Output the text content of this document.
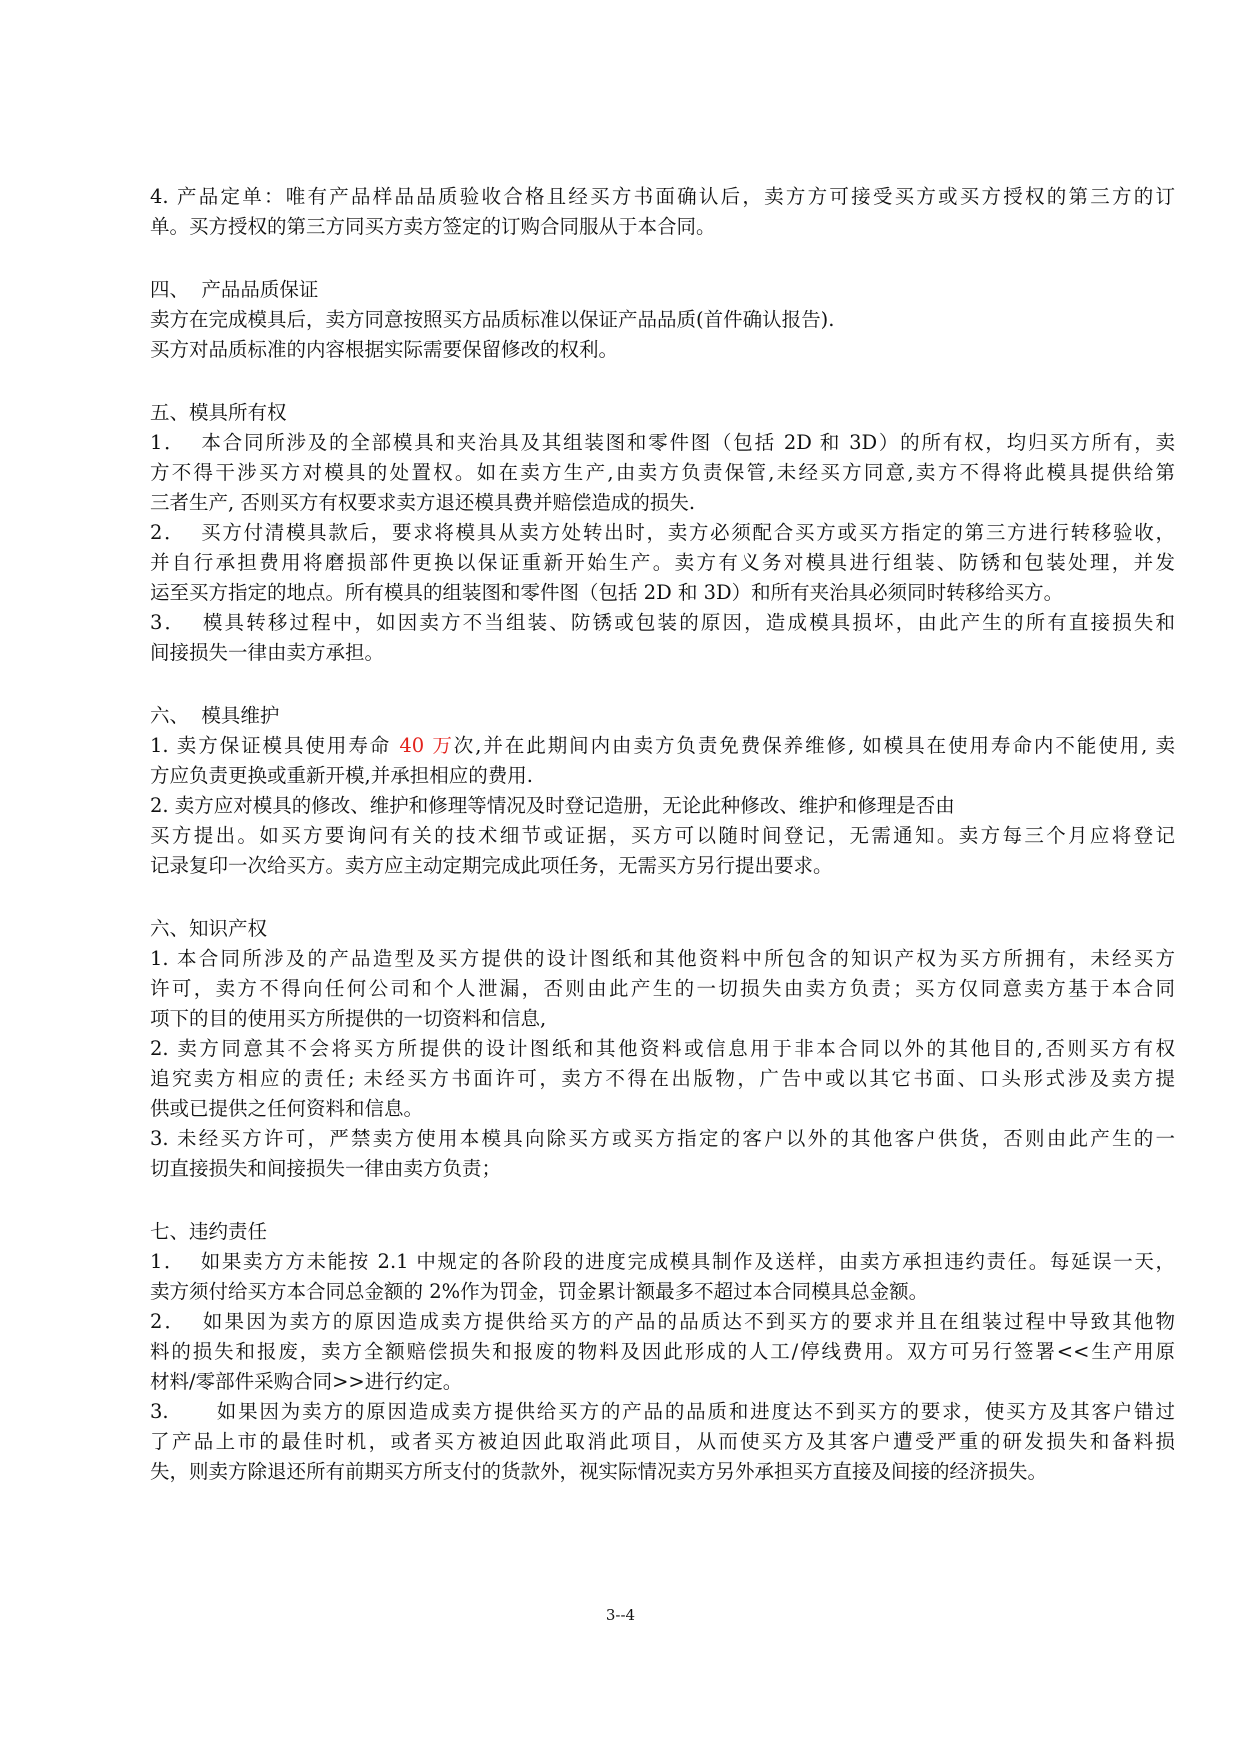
4. 产品定单：唯有产品样品品质验收合格且经买方书面确认后，卖方方可接受买方或买方授权的第三方的订
单。买方授权的第三方同买方卖方签定的订购合同服从于本合同。
四、  产品品质保证
卖方在完成模具后，卖方同意按照买方品质标准以保证产品品质(首件确认报告).
买方对品质标准的内容根据实际需要保留修改的权利。
五、模具所有权
1．  本合同所涉及的全部模具和夹治具及其组装图和零件图（包括 2D 和 3D）的所有权，均归买方所有，卖
方不得干涉买方对模具的处置权。如在卖方生产,由卖方负责保管,未经买方同意,卖方不得将此模具提供给第
三者生产, 否则买方有权要求卖方退还模具费并赔偿造成的损失.
2．  买方付清模具款后，要求将模具从卖方处转出时，卖方必须配合买方或买方指定的第三方进行转移验收，
并自行承担费用将磨损部件更换以保证重新开始生产。卖方有义务对模具进行组装、防锈和包装处理，并发
运至买方指定的地点。所有模具的组装图和零件图（包括 2D 和 3D）和所有夹治具必须同时转移给买方。
3．  模具转移过程中，如因卖方不当组装、防锈或包装的原因，造成模具损坏，由此产生的所有直接损失和
间接损失一律由卖方承担。
六、  模具维护
1. 卖方保证模具使用寿命 40 万次,并在此期间内由卖方负责免费保养维修, 如模具在使用寿命内不能使用, 卖
方应负责更换或重新开模,并承担相应的费用.
2. 卖方应对模具的修改、维护和修理等情况及时登记造册，无论此种修改、维护和修理是否由
买方提出。如买方要询问有关的技术细节或证据，买方可以随时间登记，无需通知。卖方每三个月应将登记
记录复印一次给买方。卖方应主动定期完成此项任务，无需买方另行提出要求。
六、知识产权
1. 本合同所涉及的产品造型及买方提供的设计图纸和其他资料中所包含的知识产权为买方所拥有，未经买方
许可，卖方不得向任何公司和个人泄漏，否则由此产生的一切损失由卖方负责；买方仅同意卖方基于本合同
项下的目的使用买方所提供的一切资料和信息,
2. 卖方同意其不会将买方所提供的设计图纸和其他资料或信息用于非本合同以外的其他目的,否则买方有权
追究卖方相应的责任; 未经买方书面许可，卖方不得在出版物，广告中或以其它书面、口头形式涉及卖方提
供或已提供之任何资料和信息。
3. 未经买方许可，严禁卖方使用本模具向除买方或买方指定的客户以外的其他客户供货，否则由此产生的一
切直接损失和间接损失一律由卖方负责；
七、违约责任
1．  如果卖方方未能按 2.1 中规定的各阶段的进度完成模具制作及送样，由卖方承担违约责任。每延误一天，
卖方须付给买方本合同总金额的 2%作为罚金，罚金累计额最多不超过本合同模具总金额。
2．  如果因为卖方的原因造成卖方提供给买方的产品的品质达不到买方的要求并且在组装过程中导致其他物
料的损失和报废，卖方全额赔偿损失和报废的物料及因此形成的人工/停线费用。双方可另行签署<<生产用原
材料/零部件采购合同>>进行约定。
3.      如果因为卖方的原因造成卖方提供给买方的产品的品质和进度达不到买方的要求，使买方及其客户错过
了产品上市的最佳时机，或者买方被迫因此取消此项目，从而使买方及其客户遭受严重的研发损失和备料损
失，则卖方除退还所有前期买方所支付的货款外，视实际情况卖方另外承担买方直接及间接的经济损失。
3--4
